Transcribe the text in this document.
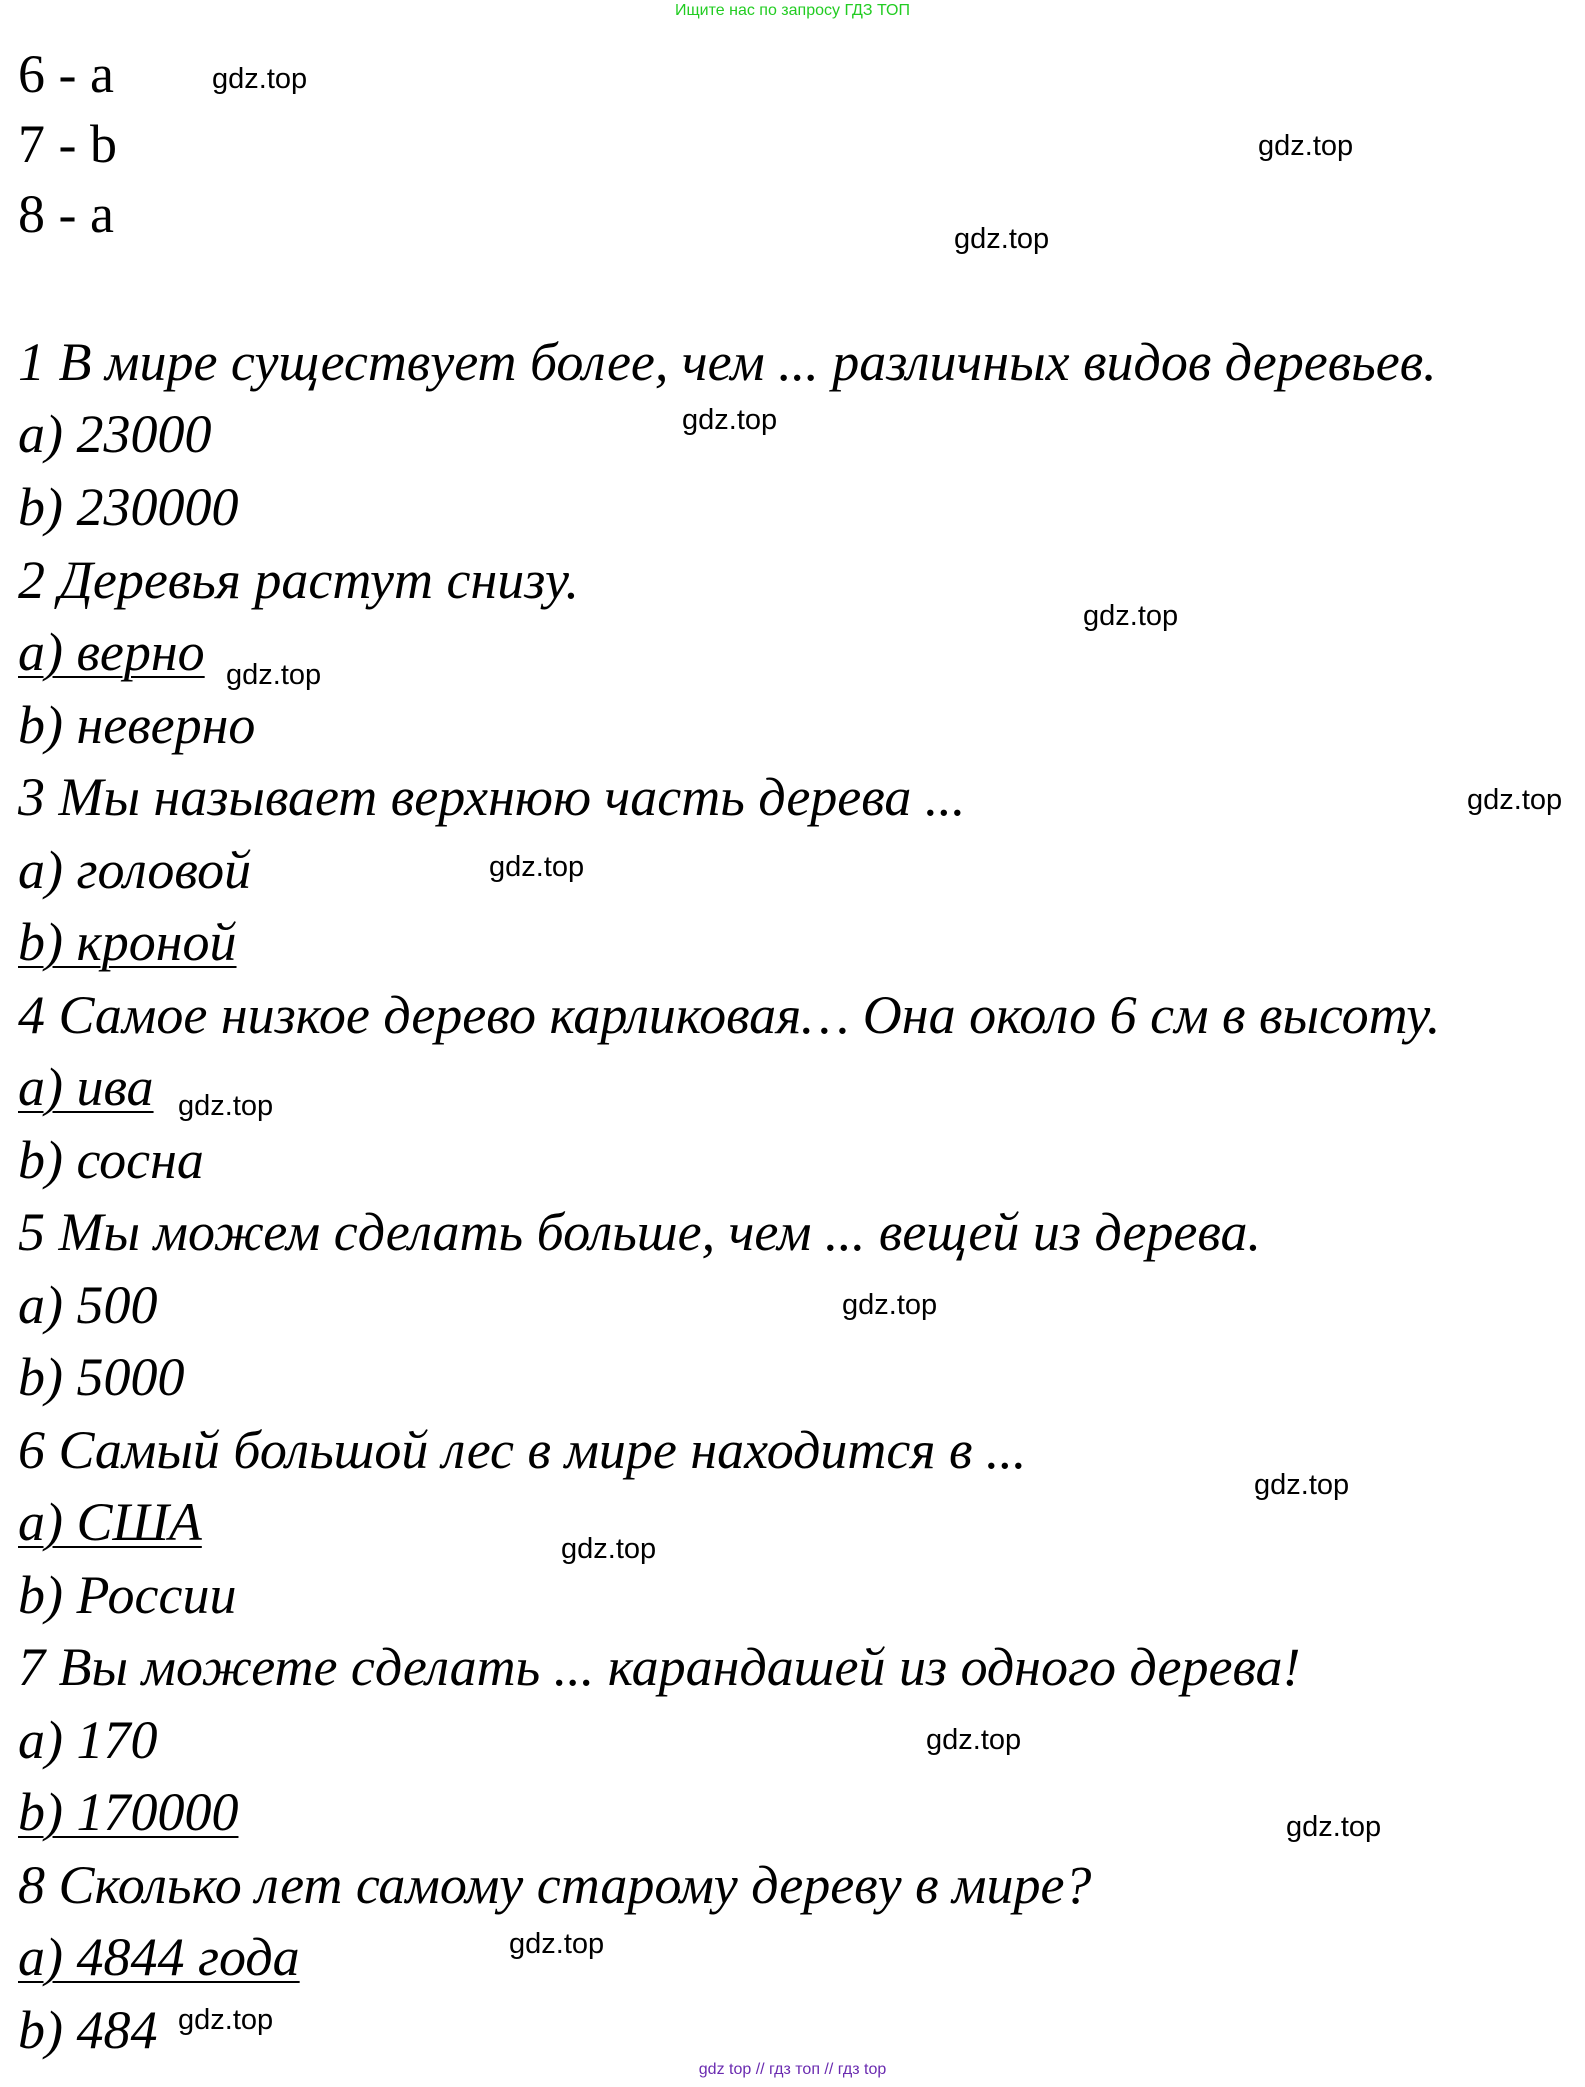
Ищите нас по запросу ГДЗ ТОП
6 - a
7 - b
8 - a
1 В мире существует более, чем ... различных видов деревьев.
a) 23000
b) 230000
2 Деревья растут снизу.
a) верно
b) неверно
3 Мы называет верхнюю часть дерева ...
a) головой
b) кроной
4 Самое низкое дерево карликовая… Она около 6 см в высоту.
a) ива
b) сосна
5 Мы можем сделать больше, чем ... вещей из дерева.
a) 500
b) 5000
6 Самый большой лес в мире находится в ...
a) США
b) России
7 Вы можете сделать ... карандашей из одного дерева!
a) 170
b) 170000
8 Сколько лет самому старому дереву в мире?
a) 4844 года
b) 484
gdz.top
gdz.top
gdz.top
gdz.top
gdz.top
gdz.top
gdz.top
gdz.top
gdz.top
gdz.top
gdz.top
gdz.top
gdz.top
gdz.top
gdz.top
gdz.top
gdz top // гдз топ // гдз top
